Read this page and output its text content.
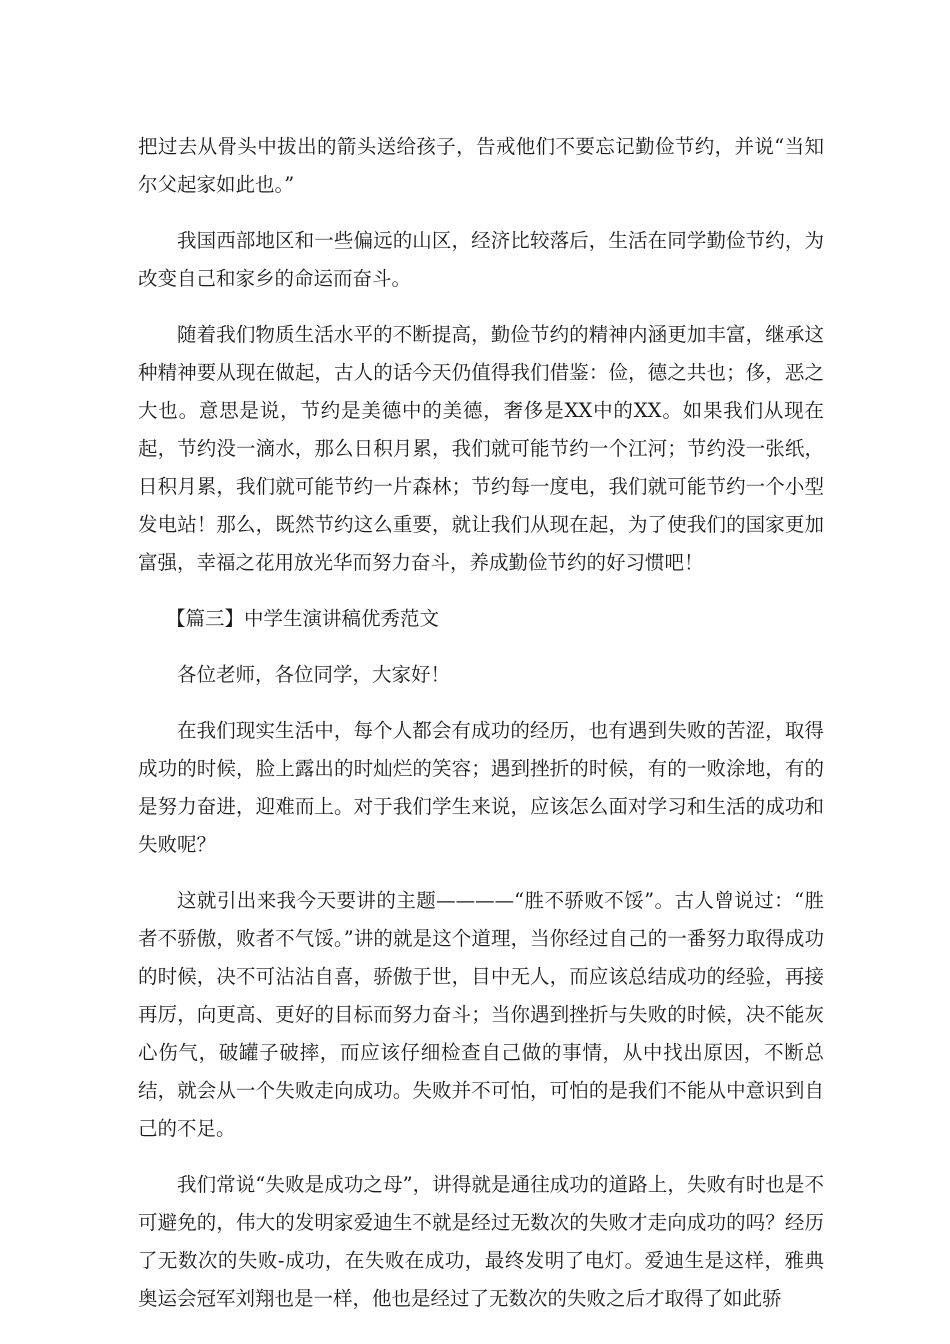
把过去从骨头中拔出的箭头送给孩子，告戒他们不要忘记勤俭节约，并说“当知尔父起家如此也。”

我国西部地区和一些偏远的山区，经济比较落后，生活在同学勤俭节约，为改变自己和家乡的命运而奋斗。

随着我们物质生活水平的不断提高，勤俭节约的精神内涵更加丰富，继承这种精神要从现在做起，古人的话今天仍值得我们借鉴：俭，德之共也；侈，恶之大也。意思是说，节约是美德中的美德，奢侈是XX中的XX。如果我们从现在起，节约没一滴水，那么日积月累，我们就可能节约一个江河；节约没一张纸，日积月累，我们就可能节约一片森林；节约每一度电，我们就可能节约一个小型发电站！那么，既然节约这么重要，就让我们从现在起，为了使我们的国家更加富强，幸福之花用放光华而努力奋斗，养成勤俭节约的好习惯吧！

【篇三】中学生演讲稿优秀范文

各位老师，各位同学，大家好！

在我们现实生活中，每个人都会有成功的经历，也有遇到失败的苦涩，取得成功的时候，脸上露出的时灿烂的笑容；遇到挫折的时候，有的一败涂地，有的是努力奋进，迎难而上。对于我们学生来说，应该怎么面对学习和生活的成功和失败呢？

这就引出来我今天要讲的主题————“胜不骄败不馁”。古人曾说过：“胜者不骄傲，败者不气馁。”讲的就是这个道理，当你经过自己的一番努力取得成功的时候，决不可沾沾自喜，骄傲于世，目中无人，而应该总结成功的经验，再接再厉，向更高、更好的目标而努力奋斗；当你遇到挫折与失败的时候，决不能灰心伤气，破罐子破摔，而应该仔细检查自己做的事情，从中找出原因，不断总结，就会从一个失败走向成功。失败并不可怕，可怕的是我们不能从中意识到自己的不足。

我们常说“失败是成功之母”，讲得就是通往成功的道路上，失败有时也是不可避免的，伟大的发明家爱迪生不就是经过无数次的失败才走向成功的吗？经历了无数次的失败-成功，在失败在成功，最终发明了电灯。爱迪生是这样，雅典奥运会冠军刘翔也是一样，他也是经过了无数次的失败之后才取得了如此骄
